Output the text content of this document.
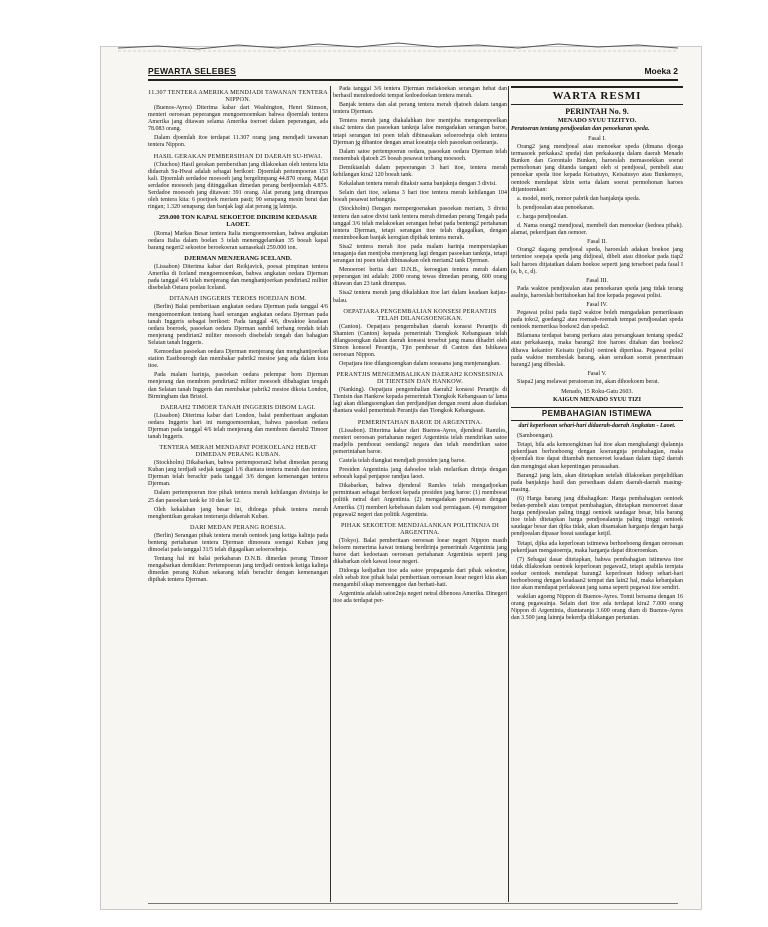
PEWARTA SELEBES	Moeka 2
11.307 TENTERA AMERIKA MENDJADI TAWANAN TENTERA NIPPON.

(Buenos-Ayres) Diterima kabar dari Washington, Henri Stimson, menteri oeroesan peperangan mengoemoemkan bahwa djoemlah tentera Amerika jang ditawan selama Amerika toeroet dalam peperangan, ada 78.083 orang.

Dalam djoemlah itoe terdapat 11.307 orang jang mendjadi tawanan tentera Nippon.

HASIL GERAKAN PEMBERSIHAN DI DAERAH SU-HWAI.

(Chuchou) Hasil gerakan pembersihan jang dilakoekan oleh tentera kita didaerah Su-Hwai adalah sebagai berikoet: Djoemlah pertempoeran 153 kali. Djoemlah serdadoe moesoeh jang bergelimpang 44.870 orang. Majat serdadoe moesoeh jang ditinggalkan dimedan perang berdjoemlah 4.875. Serdadoe moesoeh jang ditawan: 391 orang. Alat perang jang dirampas oleh tentera kita: 6 poetjoek meriam pasti; 90 senapang mesin berat dan ringan; 1.320 senapang; dan banjak lagi alat perang jg lainnja.

259.000 TON KAPAL SEKOETOE DIKIRIM KEDASAR LAOET.

(Roma) Markas Besar tentera Italia mengoemoemkan, bahwa angkatan oedara Italia dalam boelan 3 telah menenggelamkan 35 boeah kapal barang negeri2 sekoetoe beroekoeran samasekali 259.000 ton.

DJERMAN MENJERANG ICELAND.

(Lissabon) Diterima kabar dari Reikjavick, poesat pimpinan tentera Amerika di Iceland mengoemoemkan, bahwa angkatan oedara Djerman pada tanggal 4/6 telah menjerang dan menghantjoerkan pendirian2 militer disebelah Oetara poelau Iceland.

DITANAH INGGERIS TEROES HOEDJAN BOM.

(Berlin) Balai pemberitaan angkatan oedara Djerman pada tanggal 4/6 mengoemoemkan tentang hasil serangan angkatan oedara Djerman pada tanah Inggeris sebagai berikoet: Pada tanggal 4/6, diwaktoe keadaan oedara boeroek, pasoekan oedara Djerman sambil terbang rendah telah menjerang pendirian2 militer moesoeh disebelah tengah dan bahagian Selatan tanah Inggeris.

Kemoedian pasoekan oedara Djerman menjerang dan menghantjoerkan station Eastbourogh dan membakar pabrik2 mesioe jang ada dalam kota itoe.

Pada malam harinja, pasoekan oedara pelempar bom Djerman menjerang dan membom pendirian2 militer moesoeh dibahagian tengah dan Selatan tanah Inggeris dan membakar pabrik2 mesioe dikota London, Birmingham dan Bristol.

DAERAH2 TIMOER TANAH INGGERIS DIBOM LAGI.

(Lissabon) Diterima kabar dari London, balai pemberitaan angkatan oedara Inggeris hari ini mengoemoemkan, bahwa pasoekan oedara Djerman pada tanggal 4/6 telah menjerang dan membom daerah2 Timoer tanah Inggeris.

TENTERA MERAH MENDAPAT POEKOELAN2 HEBAT DIMEDAN PERANG KUBAN.

(Stockholm) Dikabarkan, bahwa pertempoeran2 hebat dimedan perang Kuban jang terdjadi sedjak tanggal 1/6 diantara tentera merah dan tentera Djerman telah berachir pada tanggal 3/6 dengan kemenangan tentera Djerman.

Dalam pertempoeran itoe pihak tentera merah kehilangan divisinja ke 25 dan pasoekan tank ke 10 dan ke 12.

Oleh kekalahan jang besar ini, didoega pihak tentera merah menghentikan gerakan tenteranja didaerah Kuban.

DARI MEDAN PERANG ROESIA.

(Berlin) Serangan pihak tentera merah oentoek jang ketiga kalinja pada benteng pertahanan tentera Djerman dimoeara soengai Kuban jang dimoelai pada tanggal 31/5 telah digagalkan seloeroehnja.

Tentang hal ini balai perkabaran D.N.B. dimedan perang Timoer mengabarkan demikian: Pertempoeran jang terdjadi oentoek ketiga kalinja dimedan perang Kuban sekarang telah berachir dengan kemenangan dipihak tentera Djerman.

Pada tanggal 3/6 tentera Djerman melakoekan serangan hebat dan berhasil mendoedoeki tempat kedoedoekan tentera merah.

Banjak tentera dan alat perang tentera merah djatoeh dalam tangan tentera Djerman.

Tentera merah jang diakalahkan itoe mentjoba mengoempoelkan sisa2 tentera dan pasoekan tanknja laloe mengadakan serangan baroe, tetapi serangan ini poen telah dibinasakan seloeroehnja oleh tentera Djerman jg dibantoe dengan amat koeatnja oleh pasoekan oedaranja.

Dalam satoe pertempoeran oedara, pasoekan oedara Djerman telah menembak djatoeh 25 boeah pesawat terbang moesoeh.

Demikianlah dalam pepeerangan 3 hari itoe, tentera merah kehilangan kira2 120 boeah tank.

Kekalahan tentera merah ditaksir sama banjaknja dengan 3 divisi.

Selain dari itoe, selama 3 hari itoe tentera merah kehilangan 104 boeah pesawat terbangnja.

(Stockholm) Dengan mempergoenakan pasoekan meriam, 3 divisi tentera dan satoe divisi tank tentera merah dimedan perang Tengah pada tanggal 3/6 telah melakoekan serangan hebat pada benteng2 pertahanan tentera Djerman, tetapi serangan itoe telah digagalkan, dengan menimboelkan banjak kerogian dipihak tentera merah.

Sisa2 tentera merah itoe pada malam harinja mempersiapkan tenaganja dan mentjoba menjerang lagi dengan pasoekan tanknja, tetapi serangan ini poen telah dibinasakan oleh meriam2 tank Djerman.

Menoeroet berita dari D.N.B., keroegian tentera merah dalam peperangan ini adalah: 2000 orang tewas dimedan perang, 600 orang ditawan dan 23 tank dirampas.

Sisa2 tentera merah jang dikalahkan itoe lari dalam keadaan katjau-balau.

OEPATJARA PENGEMBALIAN KONSESI PERANTJIS TELAH DILANGSOENGKAN.

(Canton). Oepatjara pengembalian daerah konsesi Perantjis di Shamien (Canton) kepada pemerintah Tiongkok Kebangsaan telah dilangsoengkan dalam daerah konsesi tersebut jang mana dihadiri oleh Simon konsoel Perantjis, Tjin pembesar di Canton dan Ishikawa oeroesan Nippon.

Oepatjara itoe dilangsoengkan dalam soeasana jang menjenangkan.

PERANTJIS MENGEMBALIKAN DAERAH2 KONSESINJA DI TIENTSIN DAN HANKOW.

(Nanking). Oepatjara pengembalian daerah2 konsesi Perantjis di Tientsin dan Hankow kepada pemerintah Tiongkok Kebangsaan ta' lama lagi akan dilangsoengkan dan perdjandjian dengan resmi akan diadakan diantara wakil pemerintah Perantjis dan Tiongkok Kebangsaan.

PEMERINTAHAN BAROE DI ARGENTINA.

(Lissabon). Diterima kabar dari Buenos-Ayres, djenderal Ramiles, menteri oeroesan pertahanan negeri Argentinia telah mendirikan satoe madjelis pemboeat oendang2 negara dan telah mendirikan satoe pemerintahan baroe.

Castela telah diangkat mendjadi presiden jang baroe.

Presiden Argentinia jang dahoeloe telah melarikan dirinja dengan seboeah kapal penjapoe randjau laoet.

Dikabarkan, bahwa djenderal Ramles telah mengadjoekan permintaan sebagai berikoet kepada presiden jang baroe: (1) memboeat politik netral dari Argentinia. (2) mengadakan persatoean dengan Amerika. (3) memberi kebebasan dalam soal perniagaan. (4) mengatoer pegawai2 negeri dan politik Argentinia.

PIHAK SEKOETOE MENDJALANKAN POLITIKNJA DI ARGENTINA.

(Tokyo). Balai pemberitaan oeroesan loear negeri Nippon masih beloem menerima kawat tentang berdirinja pemerintah Argentinia jang baroe dari kedoetaan oeroesan pertahanan Argentinia seperti jang dikabarkan oleh kawat loear negeri.

Didoega kedjadian itoe ada satoe propaganda dari pihak sekoetoe, oleh sebab itoe pihak balai pemberitaan oeroesan loear negeri kita akan mengambil sikap menoenggoe dan berhati-hati.

Argentinia adalah satoe2nja negeri netral dibenoea Amerika. Dinegeri itoe ada terdapat per-

WARTA RESMI
PERINTAH No. 9.
MENADO SYUU TIZITYO.
Peratoeran tentang pendjoealan dan penoekaran speda.
Fasal I.

Orang2 jang mendjoeal atau menoekar speda (dimana djoega termasoek perkakas2 speda) dan perkakasnja dalam daerah Menado Bunken dan Gorontalo Bunken, haroeslah memasoekkan soerat permohonan jang ditanda tangani oleh si pendjoeal, pembeli atau penoekar speda itoe kepada Keisatuyo, Keisatusyo atau Bunkensyo, oentoek mendapat idzin serta dalam soerat permohonan haroes ditjantoemkan:

a. model, merk, nomor pabrik dan banjaknja speda.

b. pendjoealan atau penoekaran.

c. harga pendjoealan.

d. Nama orang2 mendjoeal, membeli dan menoekar (kedoea pihak). alamat, pekerdjaan dan oemoer.

Fasal II.

Orang2 dagang pendjoeal speda, haroeslah adakan boekoe jang tertentoe soepaja speda jang didjoeal, dibeli atau ditoekar pada tiap2 kali haroes ditjatatkan dalam boekoe seperti jang terseboet pada fasal I (a, b, c, d).

Fasal III.

Pada waktoe pendjoealan atau penoekaran speda jang tidak terang asalnja, haroeslah beritahoekan hal itoe kepada pegawai polisi.

Fasal IV.

Pegawai polisi pada tiap2 waktoe boleh mengadakan pemeriksaan pada toko2, goedang2 atau roemah-roemah tempat pendjoealan speda oentoek memeriksa boekoe2 dan speda2.

Bilamana terdapat barang perkara atau persangkaan tentang speda2 atau perkakasnja, maka barang2 itoe haroes ditahan dan boekoe2 dibawa kekantor Keisatu (polisi) oentoek diperiksa. Pegawai polisi pada waktoe membeslak barang, akan seraikan soerat penerimaan barang2 jang dibeslak.

Fasal V.

Siapa2 jang melawat peratoeran ini, akan dihoekoem berat.

Menado, 15 Roku-Gatu 2603.
KAIGUN MENADO SYUU TIZI
PEMBAHAGIAN ISTIMEWA
dari keperloean sehari-hari didaerah-daerah Angkatan - Laoet.

(Samboengan).

Tetapi, bila ada kemoengkinan hal itoe akan menghalangi djalannja pekerdjaan berhoeboeng dengan koerangnja perabahagian, maka djoemlah itoe dapat ditambah menoeroet keadaan dalam tiap2 daerah dan mengingat akan kepentingan perasaahan.

Barang2 jang lain, akan ditetapkan setelah dilakoekan penjelidikan pada banjaknja hasil dan persediaan dalam daerah-daerah masing-masing.

(6) Harga barang jang dibahagikan: Harga pembahagian oentoek bedan-pembeli atau tempat pembahagian, ditetapkan menoeroet dasar harga pendjoealan paling tinggi oentoek saudagar besar, bila barang itoe telah ditetapkan harga pendjoealannja paling tinggi oentoek saudagar besar dan djika tidak, akan disamakan harganja dengan harga pendjoealan dipasar boeat saudagar ketjil.

Tetapi, djika ada keperloean istimewa berhoeboeng dengan oeroesan pekerdjaan mengatoernja, maka harganja dapat ditoeroenkan.

(7) Sebagai dasar ditetapkan, bahwa pembahagian istimewa itoe tidak dilakoekan oentoek keperloean pegawai2, tetapi apabila ternjata soekar oentoek mendapat barang2 keperloean hidoep sehari-hari berhoeboeng dengan keadaan2 tempat dan lain2 hal, maka kebanjakan itoe akan mendapat perlakoean jang sama seperti pegawai itoe sendiri.

wakilan agoeng Nippon di Buenos-Ayres. Tomii bersama dengan 16 orang pegawainja. Selain dari itoe ada terdapat kira2 7.000 orang Nippon di Argentinia, diantaranja 3.600 orang diam di Buenos-Ayres dan 3.500 jang lainnja bekerdja dilakangan pertanian.
